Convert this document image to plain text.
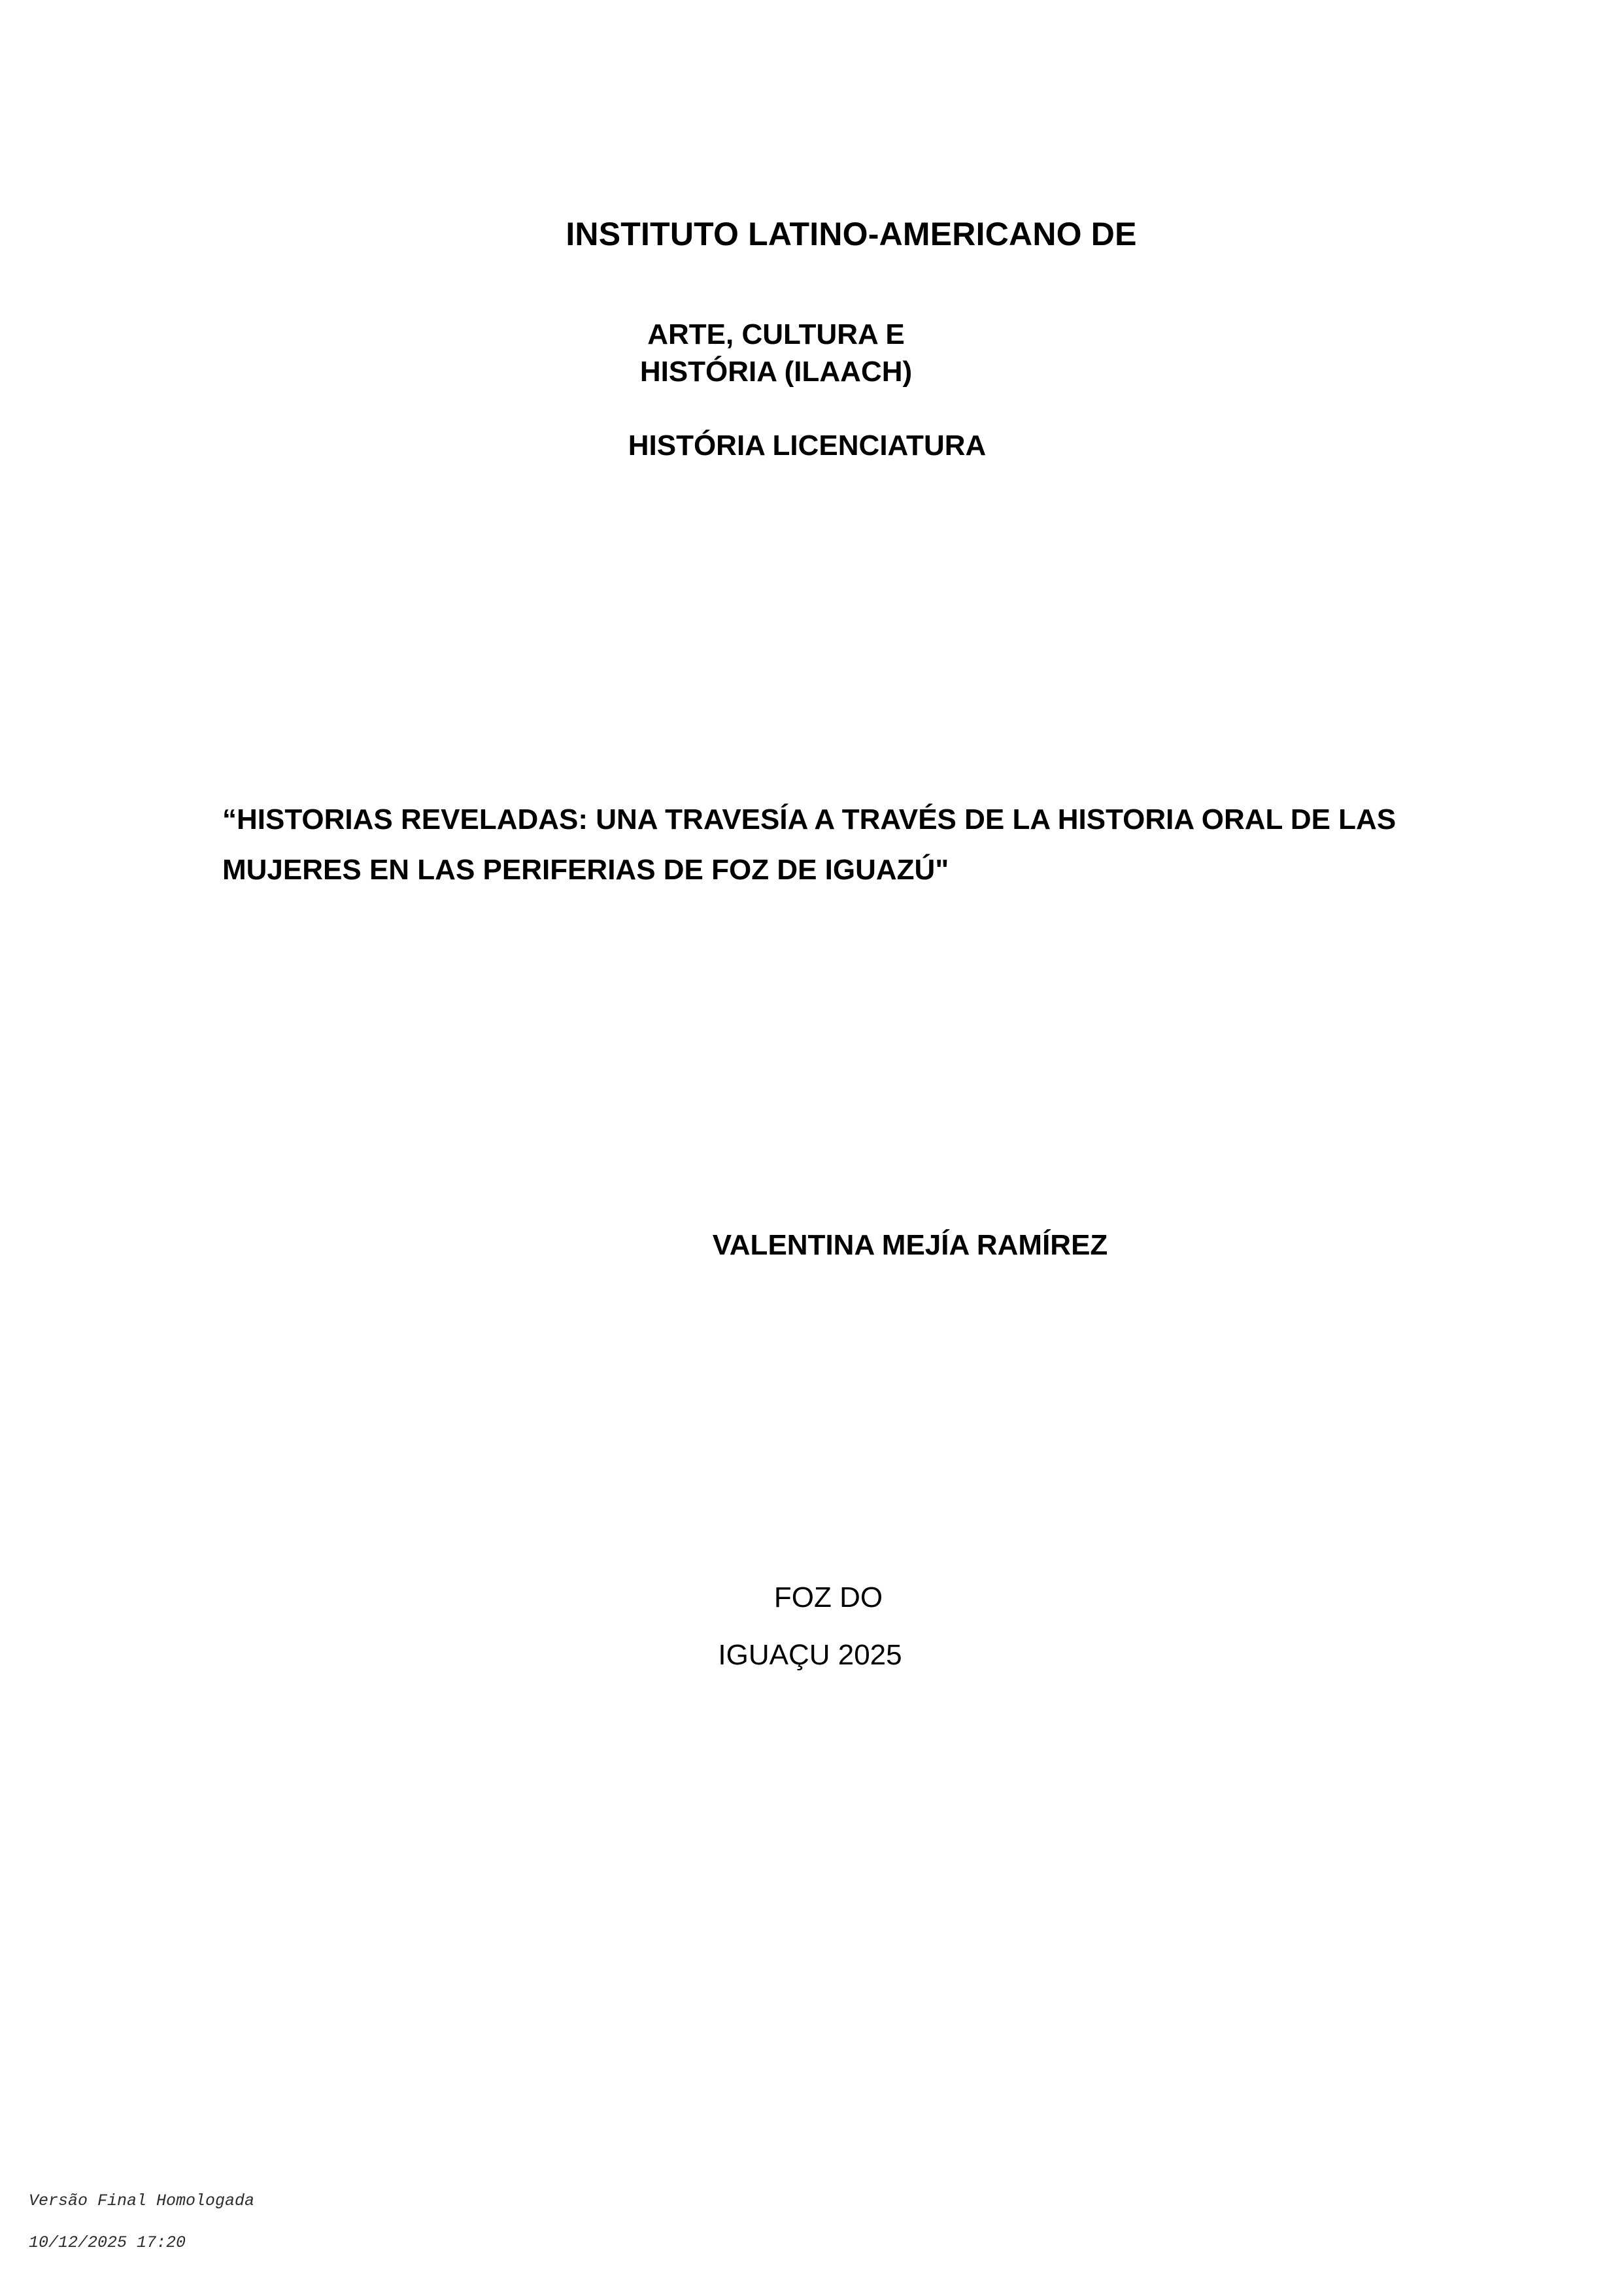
INSTITUTO LATINO-AMERICANO DE
ARTE, CULTURA E
HISTÓRIA (ILAACH)
HISTÓRIA LICENCIATURA
“HISTORIAS REVELADAS: UNA TRAVESÍA A TRAVÉS DE LA HISTORIA ORAL DE LAS MUJERES EN LAS PERIFERIAS DE FOZ DE IGUAZÚ"
VALENTINA MEJÍA RAMÍREZ
FOZ DO
IGUAÇU 2025

Versão Final Homologada

10/12/2025 17:20
